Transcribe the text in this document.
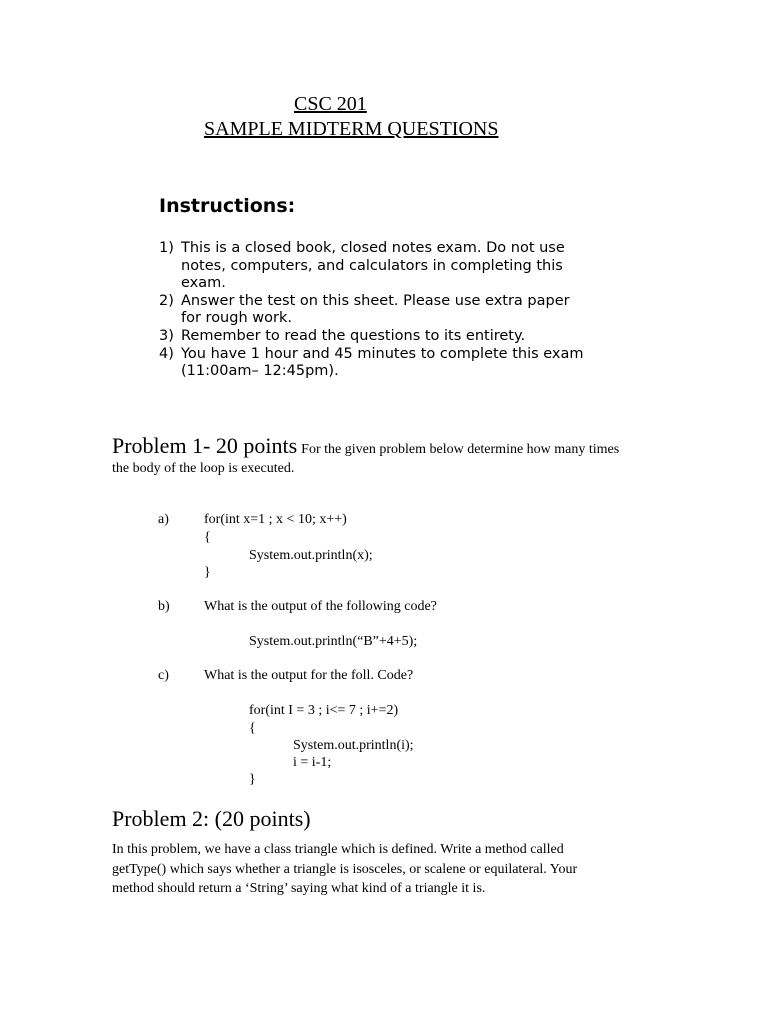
CSC 201
SAMPLE MIDTERM QUESTIONS
Instructions:
1) This is a closed book, closed notes exam. Do not use
notes, computers, and calculators in completing this
exam.
2) Answer the test on this sheet. Please use extra paper
for rough work.
3) Remember to read the questions to its entirety.
4) You have 1 hour and 45 minutes to complete this exam
(11:00am– 12:45pm).
Problem 1- 20 points For the given problem below determine how many times
the body of the loop is executed.
a)	for(int x=1 ; x < 10; x++)
{
System.out.println(x);
}
b) What is the output of the following code?
System.out.println(“B”+4+5);
c)	What is the output for the foll. Code?
for(int I = 3 ; i<= 7 ; i+=2)
{
System.out.println(i);
i = i-1;
}
Problem 2: (20 points)
In this problem, we have a class triangle which is defined. Write a method called
getType() which says whether a triangle is isosceles, or scalene or equilateral. Your
method should return a ‘String’ saying what kind of a triangle it is.
